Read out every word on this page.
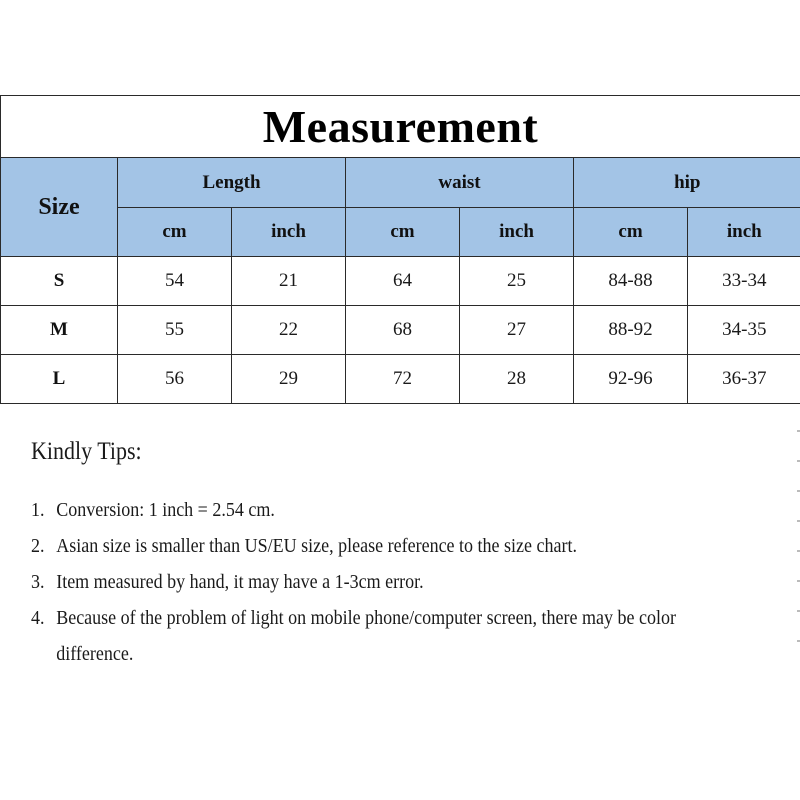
Measurement
Size	Length		waist		hip	
	cm	inch	cm	inch	cm	inch
S	54	21	64	25	84-88	33-34
M	55	22	68	27	88-92	34-35
L	56	29	72	28	92-96	36-37
Kindly Tips:
1. Conversion: 1 inch = 2.54 cm.
2. Asian size is smaller than US/EU size, please reference to the size chart.
3. Item measured by hand, it may have a 1-3cm error.
4. Because of the problem of light on mobile phone/computer screen, there may be color difference.
